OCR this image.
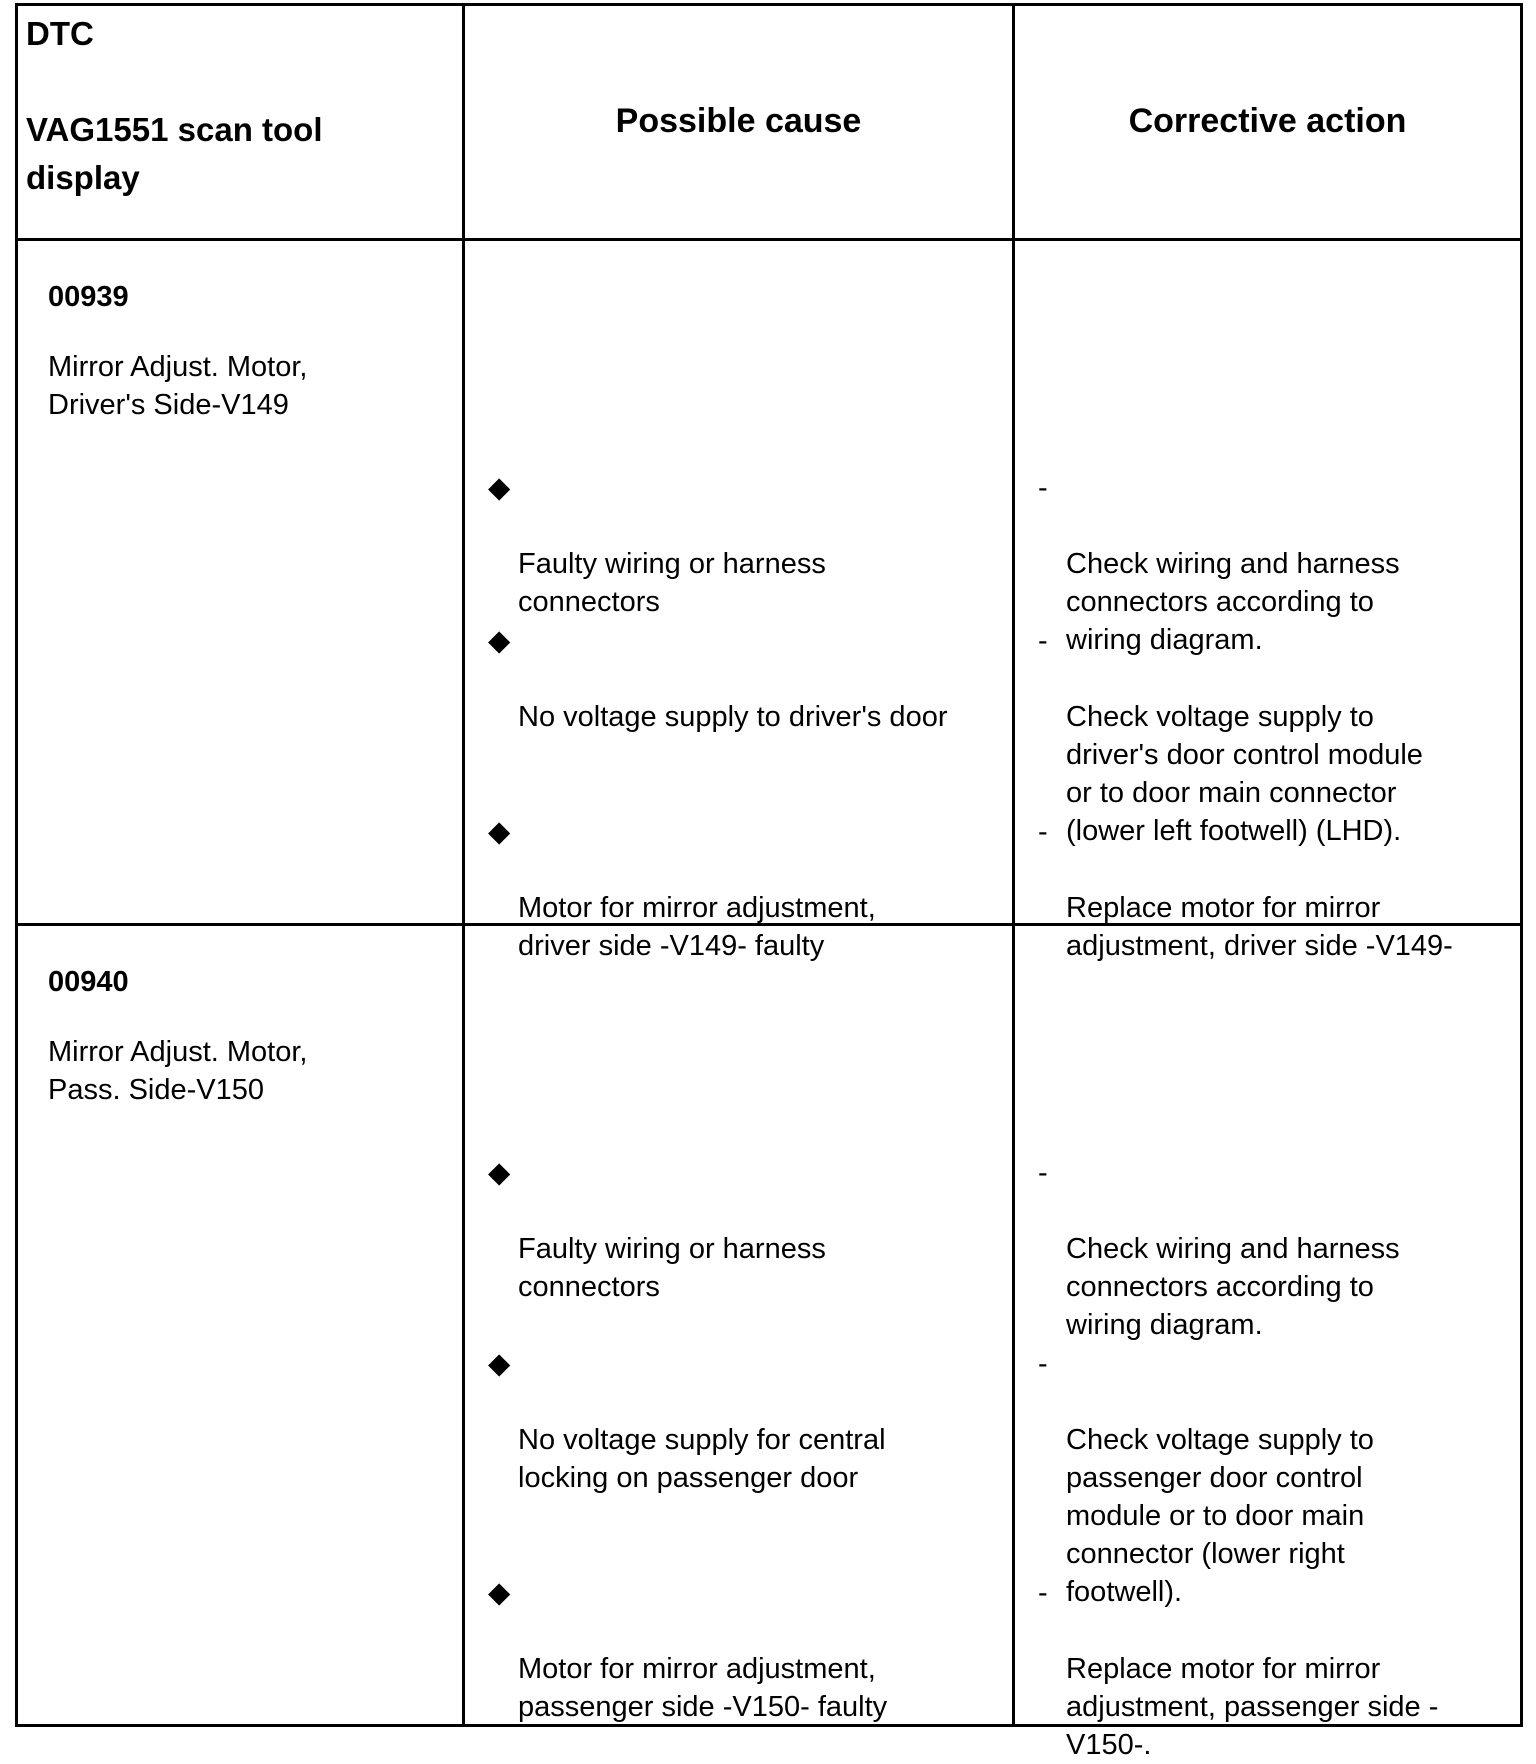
DTC
VAG1551 scan tool
display
Possible cause	Corrective action
00939
Mirror Adjust. Motor,
Driver's Side-V149

◆

Faulty wiring or harness
connectors

◆

No voltage supply to driver's door

◆

Motor for mirror adjustment,
driver side -V149- faulty

-

Check wiring and harness
connectors according to
wiring diagram.

-

Check voltage supply to
driver's door control module
or to door main connector
(lower left footwell) (LHD).

-

Replace motor for mirror
adjustment, driver side -V149-

00940
Mirror Adjust. Motor,
Pass. Side-V150

◆

Faulty wiring or harness
connectors

◆

No voltage supply for central
locking on passenger door

◆

Motor for mirror adjustment,
passenger side -V150- faulty

-

Check wiring and harness
connectors according to
wiring diagram.

-

Check voltage supply to
passenger door control
module or to door main
connector (lower right
footwell).

-

Replace motor for mirror
adjustment, passenger side -
V150-.
